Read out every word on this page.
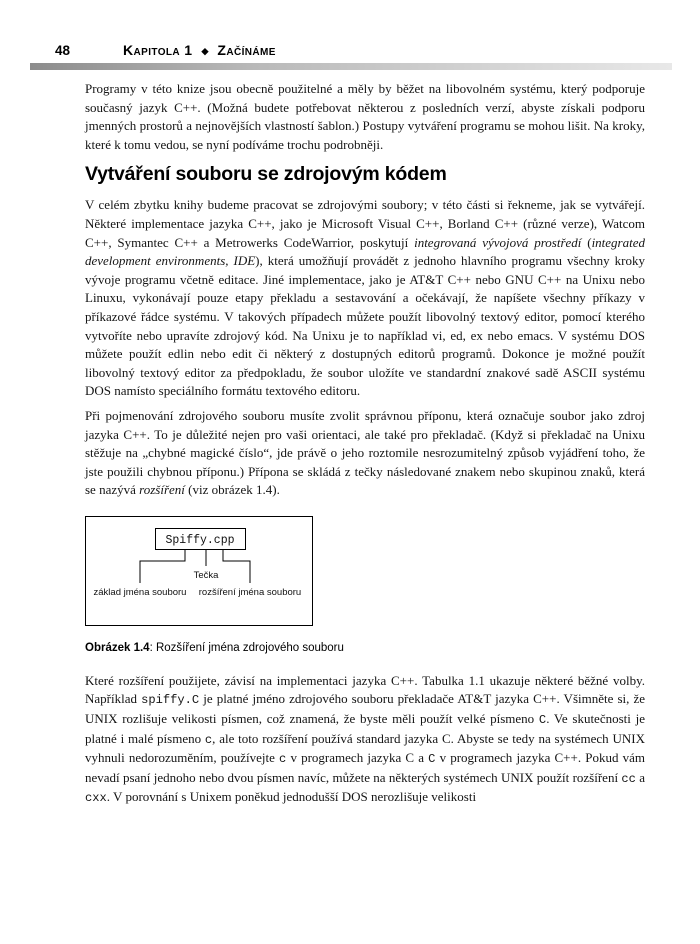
48	Kapitola 1 ◆ Začínáme

Programy v této knize jsou obecně použitelné a měly by běžet na libovolném systému, který podporuje současný jazyk C++. (Možná budete potřebovat některou z posledních verzí, abyste získali podporu jmenných prostorů a nejnovějších vlastností šablon.) Postupy vytváření programu se mohou lišit. Na kroky, které k tomu vedou, se nyní podíváme trochu podrobněji.

Vytváření souboru se zdrojovým kódem

V celém zbytku knihy budeme pracovat se zdrojovými soubory; v této části si řekneme, jak se vytvářejí. Některé implementace jazyka C++, jako je Microsoft Visual C++, Borland C++ (různé verze), Watcom C++, Symantec C++ a Metrowerks CodeWarrior, poskytují integrovaná vývojová prostředí (integrated development environments, IDE), která umožňují provádět z jednoho hlavního programu všechny kroky vývoje programu včetně editace. Jiné implementace, jako je AT&T C++ nebo GNU C++ na Unixu nebo Linuxu, vykonávají pouze etapy překladu a sestavování a očekávají, že napíšete všechny příkazy v příkazové řádce systému. V takových případech můžete použít libovolný textový editor, pomocí kterého vytvoříte nebo upravíte zdrojový kód. Na Unixu je to například vi, ed, ex nebo emacs. V systému DOS můžete použít edlin nebo edit či některý z dostupných editorů programů. Dokonce je možné použít libovolný textový editor za předpokladu, že soubor uložíte ve standardní znakové sadě ASCII systému DOS namísto speciálního formátu textového editoru.

Při pojmenování zdrojového souboru musíte zvolit správnou příponu, která označuje soubor jako zdroj jazyka C++. To je důležité nejen pro vaši orientaci, ale také pro překladač. (Když si překladač na Unixu stěžuje na „chybné magické číslo“, jde právě o jeho roztomile nesrozumitelný způsob vyjádření toho, že jste použili chybnou příponu.) Přípona se skládá z tečky následované znakem nebo skupinou znaků, která se nazývá rozšíření (viz obrázek 1.4).

Spiffy.cpp
Tečka
základ jména souboru rozšíření jména souboru
Obrázek 1.4: Rozšíření jména zdrojového souboru

Které rozšíření použijete, závisí na implementaci jazyka C++. Tabulka 1.1 ukazuje některé běžné volby. Například spiffy.C je platné jméno zdrojového souboru překladače AT&T jazyka C++. Všimněte si, že UNIX rozlišuje velikosti písmen, což znamená, že byste měli použít velké písmeno C. Ve skutečnosti je platné i malé písmeno c, ale toto rozšíření používá standard jazyka C. Abyste se tedy na systémech UNIX vyhnuli nedorozuměním, používejte c v programech jazyka C a C v programech jazyka C++. Pokud vám nevadí psaní jednoho nebo dvou písmen navíc, můžete na některých systémech UNIX použít rozšíření cc a cxx. V porovnání s Unixem poněkud jednodušší DOS nerozlišuje velikosti
